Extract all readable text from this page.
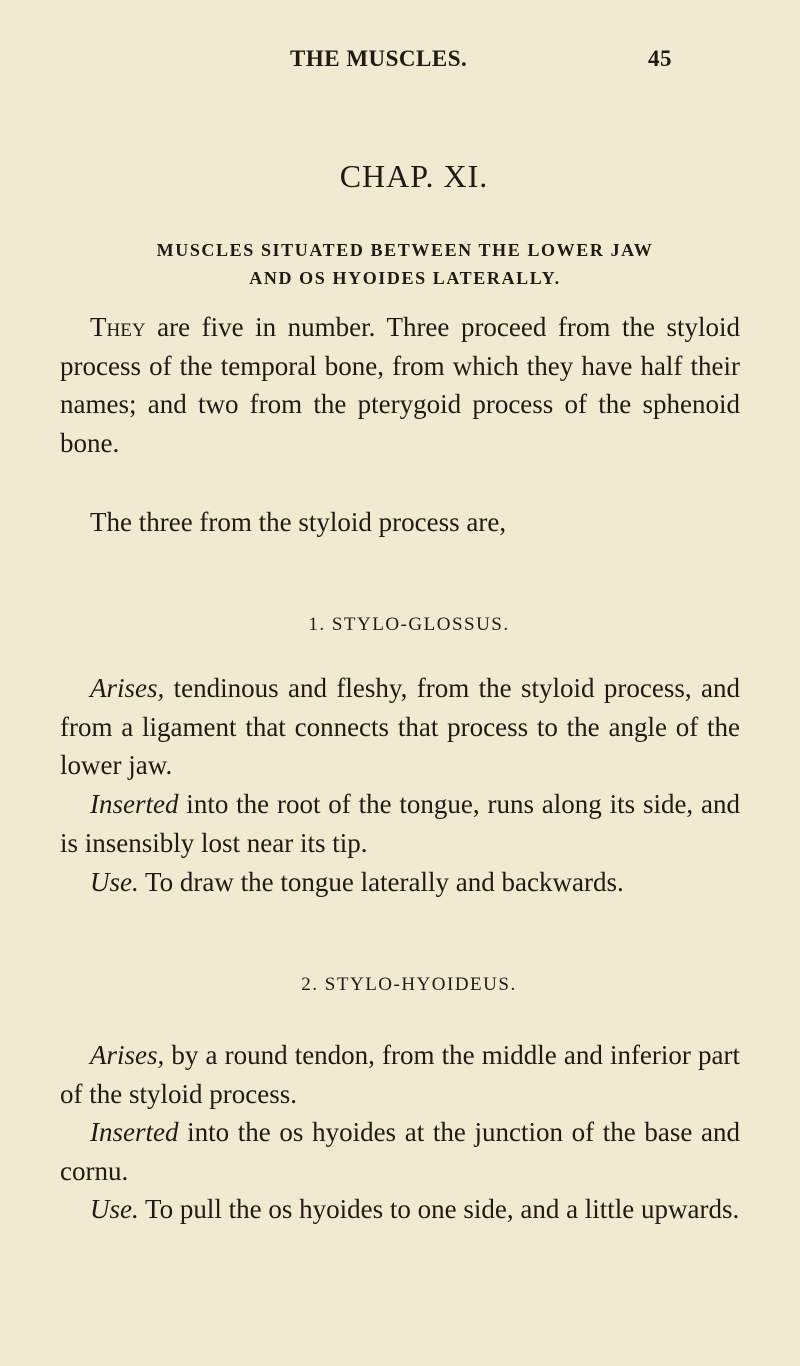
THE MUSCLES.	45
CHAP. XI.
MUSCLES SITUATED BETWEEN THE LOWER JAW
AND OS HYOIDES LATERALLY.

They are five in number. Three proceed from the styloid process of the temporal bone, from which they have half their names; and two from the pterygoid process of the sphenoid bone.

The three from the styloid process are,

1. STYLO-GLOSSUS.

Arises, tendinous and fleshy, from the styloid process, and from a ligament that connects that process to the angle of the lower jaw.

Inserted into the root of the tongue, runs along its side, and is insensibly lost near its tip.

Use. To draw the tongue laterally and backwards.

2. STYLO-HYOIDEUS.

Arises, by a round tendon, from the middle and inferior part of the styloid process.

Inserted into the os hyoides at the junction of the base and cornu.

Use. To pull the os hyoides to one side, and a little upwards.
